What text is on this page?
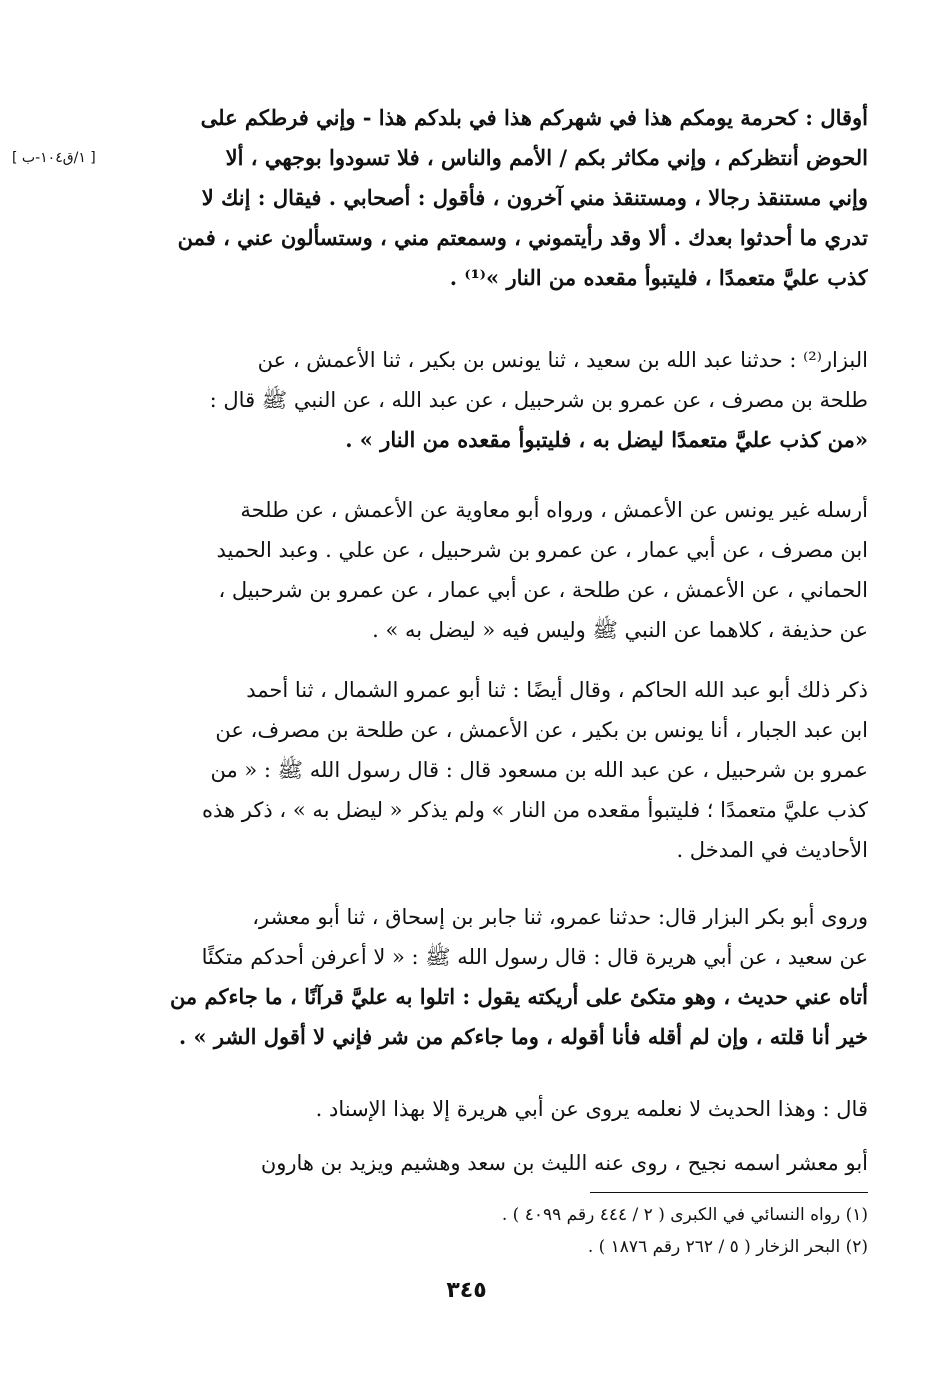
[ ١/ق١٠٤-ب ]
أوقال : كحرمة يومكم هذا في شهركم هذا في بلدكم هذا - وإني فرطكم على
الحوض أنتظركم ، وإني مكاثر بكم / الأمم والناس ، فلا تسودوا بوجهي ، ألا
وإني مستنقذ رجالا ، ومستنقذ مني آخرون ، فأقول : أصحابي . فيقال : إنك لا
تدري ما أحدثوا بعدك . ألا وقد رأيتموني ، وسمعتم مني ، وستسألون عني ، فمن
كذب عليَّ متعمدًا ، فليتبوأ مقعده من النار »⁽¹⁾ .
البزار⁽²⁾ : حدثنا عبد الله بن سعيد ، ثنا يونس بن بكير ، ثنا الأعمش ، عن
طلحة بن مصرف ، عن عمرو بن شرحبيل ، عن عبد الله ، عن النبي ﷺ قال :
«من كذب عليَّ متعمدًا ليضل به ، فليتبوأ مقعده من النار » .
أرسله غير يونس عن الأعمش ، ورواه أبو معاوية عن الأعمش ، عن طلحة
ابن مصرف ، عن أبي عمار ، عن عمرو بن شرحبيل ، عن علي . وعبد الحميد
الحماني ، عن الأعمش ، عن طلحة ، عن أبي عمار ، عن عمرو بن شرحبيل ،
عن حذيفة ، كلاهما عن النبي ﷺ وليس فيه « ليضل به » .
ذكر ذلك أبو عبد الله الحاكم ، وقال أيضًا : ثنا أبو عمرو الشمال ، ثنا أحمد
ابن عبد الجبار ، أنا يونس بن بكير ، عن الأعمش ، عن طلحة بن مصرف، عن
عمرو بن شرحبيل ، عن عبد الله بن مسعود قال : قال رسول الله ﷺ : « من
كذب عليَّ متعمدًا ؛ فليتبوأ مقعده من النار » ولم يذكر « ليضل به » ، ذكر هذه
الأحاديث في المدخل .
وروى أبو بكر البزار قال: حدثنا عمرو، ثنا جابر بن إسحاق ، ثنا أبو معشر،
عن سعيد ، عن أبي هريرة قال : قال رسول الله ﷺ : « لا أعرفن أحدكم متكئًا
أتاه عني حديث ، وهو متكئ على أريكته يقول : اتلوا به عليَّ قرآنًا ، ما جاءكم من
خير أنا قلته ، وإن لم أقله فأنا أقوله ، وما جاءكم من شر فإني لا أقول الشر » .
قال : وهذا الحديث لا نعلمه يروى عن أبي هريرة إلا بهذا الإسناد .
أبو معشر اسمه نجيح ، روى عنه الليث بن سعد وهشيم ويزيد بن هارون
(١) رواه النسائي في الكبرى ( ٢ / ٤٤٤ رقم ٤٠٩٩ ) .
(٢) البحر الزخار ( ٥ / ٢٦٢ رقم ١٨٧٦ ) .
٣٤٥
